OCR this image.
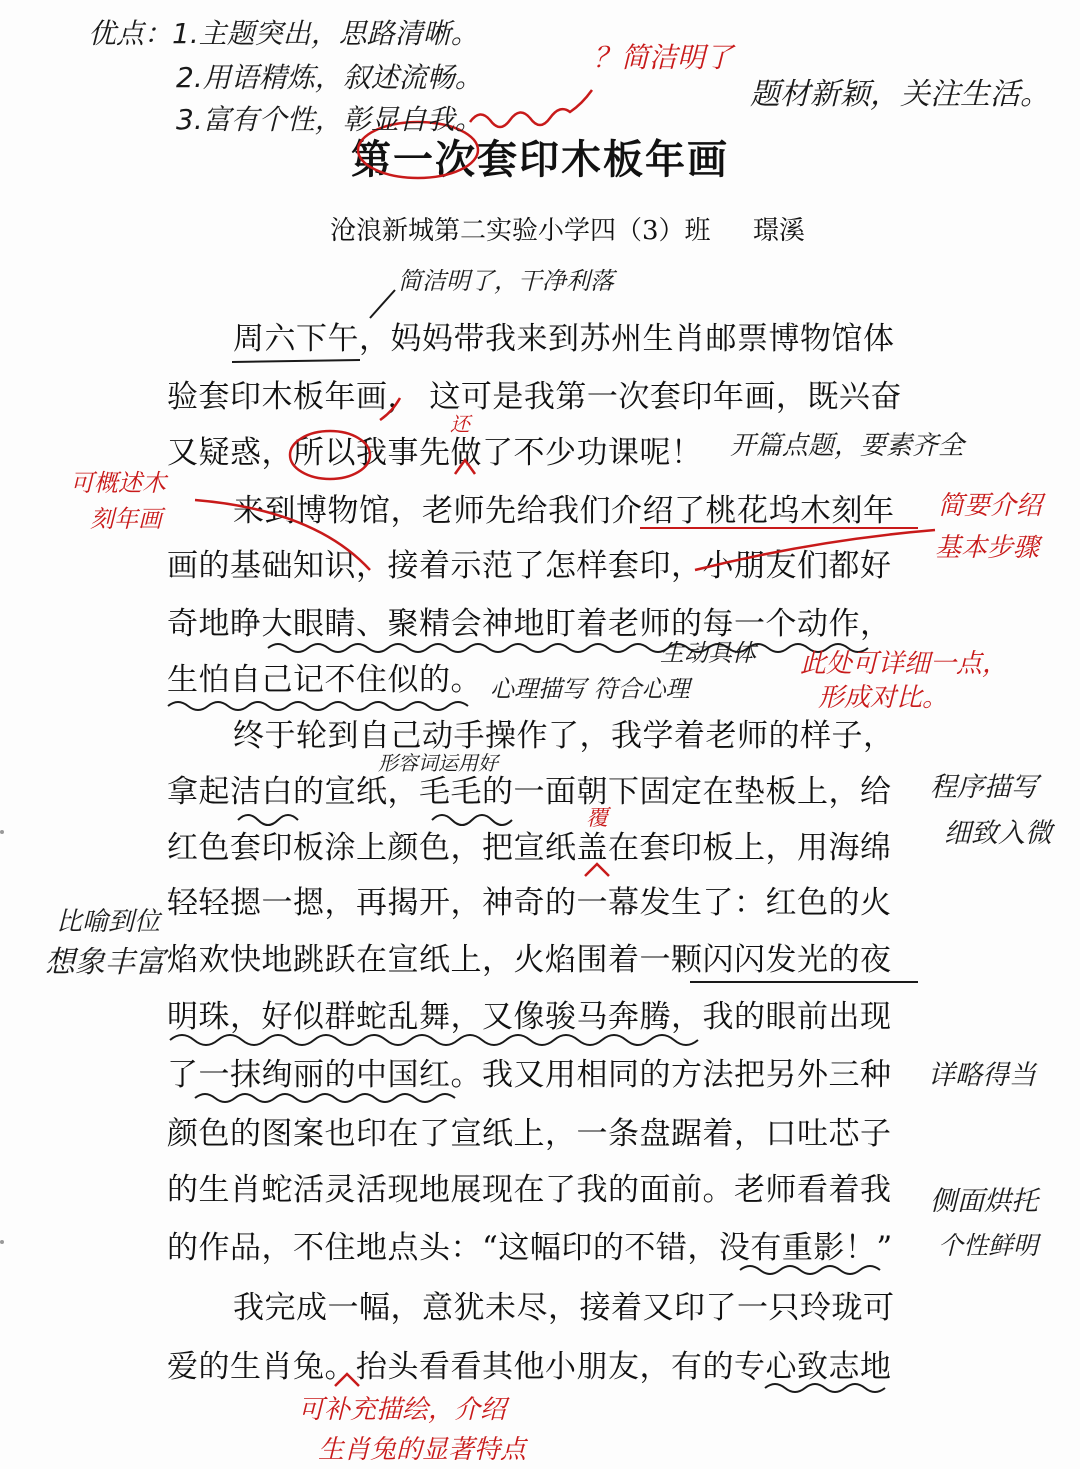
第一次套印木板年画
沧浪新城第二实验小学四（3）班 璟溪
周六下午，妈妈带我来到苏州生肖邮票博物馆体
验套印木板年画， 这可是我第一次套印年画，既兴奋
又疑惑，所以我事先做了不少功课呢！
来到博物馆，老师先给我们介绍了桃花坞木刻年
画的基础知识，接着示范了怎样套印，小朋友们都好
奇地睁大眼睛、聚精会神地盯着老师的每一个动作，
生怕自己记不住似的。
终于轮到自己动手操作了，我学着老师的样子，
拿起洁白的宣纸，毛毛的一面朝下固定在垫板上，给
红色套印板涂上颜色，把宣纸盖在套印板上，用海绵
轻轻摁一摁，再揭开，神奇的一幕发生了：红色的火
焰欢快地跳跃在宣纸上，火焰围着一颗闪闪发光的夜
明珠，好似群蛇乱舞，又像骏马奔腾，我的眼前出现
了一抹绚丽的中国红。我又用相同的方法把另外三种
颜色的图案也印在了宣纸上，一条盘踞着，口吐芯子
的生肖蛇活灵活现地展现在了我的面前。老师看着我
的作品，不住地点头：“这幅印的不错，没有重影！”
我完成一幅，意犹未尽，接着又印了一只玲珑可
爱的生肖兔。抬头看看其他小朋友，有的专心致志地
优点：1.主题突出，思路清晰。
2.用语精炼，叙述流畅。
3.富有个性，彰显自我。
？简洁明了
题材新颖，关注生活。
简洁明了，干净利落
还
开篇点题，要素齐全
可概述木
刻年画	简要介绍
基本步骤
生动具体
心理描写 符合心理
此处可详细一点，
形成对比。
形容词运用好
程序描写
细致入微
覆
比喻到位
想象丰富
详略得当
侧面烘托
个性鲜明
可补充描绘，介绍
生肖兔的显著特点
